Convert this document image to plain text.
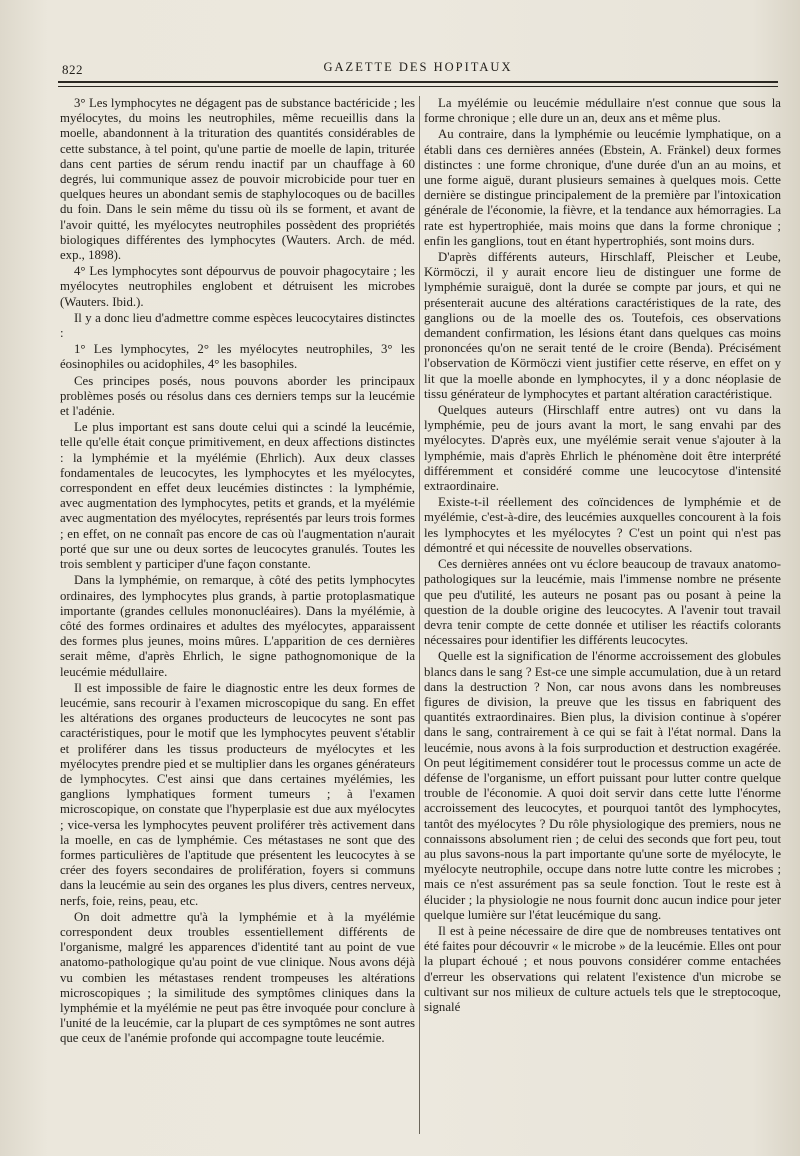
822	GAZETTE DES HOPITAUX

3° Les lymphocytes ne dégagent pas de substance bactéricide ; les myélocytes, du moins les neutrophiles, même recueillis dans la moelle, abandonnent à la trituration des quantités considérables de cette substance, à tel point, qu'une partie de moelle de lapin, triturée dans cent parties de sérum rendu inactif par un chauffage à 60 degrés, lui communique assez de pouvoir microbicide pour tuer en quelques heures un abondant semis de staphylocoques ou de bacilles du foin. Dans le sein même du tissu où ils se forment, et avant de l'avoir quitté, les myélocytes neutrophiles possèdent des propriétés biologiques différentes des lymphocytes (Wauters. Arch. de méd. exp., 1898).

4° Les lymphocytes sont dépourvus de pouvoir phagocytaire ; les myélocytes neutrophiles englobent et détruisent les microbes (Wauters. Ibid.).

Il y a donc lieu d'admettre comme espèces leucocytaires distinctes :

1° Les lymphocytes, 2° les myélocytes neutrophiles, 3° les éosinophiles ou acidophiles, 4° les basophiles.

Ces principes posés, nous pouvons aborder les principaux problèmes posés ou résolus dans ces derniers temps sur la leucémie et l'adénie.

Le plus important est sans doute celui qui a scindé la leucémie, telle qu'elle était conçue primitivement, en deux affections distinctes : la lymphémie et la myélémie (Ehrlich). Aux deux classes fondamentales de leucocytes, les lymphocytes et les myélocytes, correspondent en effet deux leucémies distinctes : la lymphémie, avec augmentation des lymphocytes, petits et grands, et la myélémie avec augmentation des myélocytes, représentés par leurs trois formes ; en effet, on ne connaît pas encore de cas où l'augmentation n'aurait porté que sur une ou deux sortes de leucocytes granulés. Toutes les trois semblent y participer d'une façon constante.

Dans la lymphémie, on remarque, à côté des petits lymphocytes ordinaires, des lymphocytes plus grands, à partie protoplasmatique importante (grandes cellules mononucléaires). Dans la myélémie, à côté des formes ordinaires et adultes des myélocytes, apparaissent des formes plus jeunes, moins mûres. L'apparition de ces dernières serait même, d'après Ehrlich, le signe pathognomonique de la leucémie médullaire.

Il est impossible de faire le diagnostic entre les deux formes de leucémie, sans recourir à l'examen microscopique du sang. En effet les altérations des organes producteurs de leucocytes ne sont pas caractéristiques, pour le motif que les lymphocytes peuvent s'établir et proliférer dans les tissus producteurs de myélocytes et les myélocytes prendre pied et se multiplier dans les organes générateurs de lymphocytes. C'est ainsi que dans certaines myélémies, les ganglions lymphatiques forment tumeurs ; à l'examen microscopique, on constate que l'hyperplasie est due aux myélocytes ; vice-versa les lymphocytes peuvent proliférer très activement dans la moelle, en cas de lymphémie. Ces métastases ne sont que des formes particulières de l'aptitude que présentent les leucocytes à se créer des foyers secondaires de prolifération, foyers si communs dans la leucémie au sein des organes les plus divers, centres nerveux, nerfs, foie, reins, peau, etc.

On doit admettre qu'à la lymphémie et à la myélémie correspondent deux troubles essentiellement différents de l'organisme, malgré les apparences d'identité tant au point de vue anatomo-pathologique qu'au point de vue clinique. Nous avons déjà vu combien les métastases rendent trompeuses les altérations microscopiques ; la similitude des symptômes cliniques dans la lymphémie et la myélémie ne peut pas être invoquée pour conclure à l'unité de la leucémie, car la plupart de ces symptômes ne sont autres que ceux de l'anémie profonde qui accompagne toute leucémie.

La myélémie ou leucémie médullaire n'est connue que sous la forme chronique ; elle dure un an, deux ans et même plus.

Au contraire, dans la lymphémie ou leucémie lymphatique, on a établi dans ces dernières années (Ebstein, A. Fränkel) deux formes distinctes : une forme chronique, d'une durée d'un an au moins, et une forme aiguë, durant plusieurs semaines à quelques mois. Cette dernière se distingue principalement de la première par l'intoxication générale de l'économie, la fièvre, et la tendance aux hémorragies. La rate est hypertrophiée, mais moins que dans la forme chronique ; enfin les ganglions, tout en étant hypertrophiés, sont moins durs.

D'après différents auteurs, Hirschlaff, Pleischer et Leube, Körmöczi, il y aurait encore lieu de distinguer une forme de lymphémie suraiguë, dont la durée se compte par jours, et qui ne présenterait aucune des altérations caractéristiques de la rate, des ganglions ou de la moelle des os. Toutefois, ces observations demandent confirmation, les lésions étant dans quelques cas moins prononcées qu'on ne serait tenté de le croire (Benda). Précisément l'observation de Körmöczi vient justifier cette réserve, en effet on y lit que la moelle abonde en lymphocytes, il y a donc néoplasie de tissu générateur de lymphocytes et partant altération caractéristique.

Quelques auteurs (Hirschlaff entre autres) ont vu dans la lymphémie, peu de jours avant la mort, le sang envahi par des myélocytes. D'après eux, une myélémie serait venue s'ajouter à la lymphémie, mais d'après Ehrlich le phénomène doit être interprété différemment et considéré comme une leucocytose d'intensité extraordinaire.

Existe-t-il réellement des coïncidences de lymphémie et de myélémie, c'est-à-dire, des leucémies auxquelles concourent à la fois les lymphocytes et les myélocytes ? C'est un point qui n'est pas démontré et qui nécessite de nouvelles observations.

Ces dernières années ont vu éclore beaucoup de travaux anatomo-pathologiques sur la leucémie, mais l'immense nombre ne présente que peu d'utilité, les auteurs ne posant pas ou posant à peine la question de la double origine des leucocytes. A l'avenir tout travail devra tenir compte de cette donnée et utiliser les réactifs colorants nécessaires pour identifier les différents leucocytes.

Quelle est la signification de l'énorme accroissement des globules blancs dans le sang ? Est-ce une simple accumulation, due à un retard dans la destruction ? Non, car nous avons dans les nombreuses figures de division, la preuve que les tissus en fabriquent des quantités extraordinaires. Bien plus, la division continue à s'opérer dans le sang, contrairement à ce qui se fait à l'état normal. Dans la leucémie, nous avons à la fois surproduction et destruction exagérée. On peut légitimement considérer tout le processus comme un acte de défense de l'organisme, un effort puissant pour lutter contre quelque trouble de l'économie. A quoi doit servir dans cette lutte l'énorme accroissement des leucocytes, et pourquoi tantôt des lymphocytes, tantôt des myélocytes ? Du rôle physiologique des premiers, nous ne connaissons absolument rien ; de celui des seconds que fort peu, tout au plus savons-nous la part importante qu'une sorte de myélocyte, le myélocyte neutrophile, occupe dans notre lutte contre les microbes ; mais ce n'est assurément pas sa seule fonction. Tout le reste est à élucider ; la physiologie ne nous fournit donc aucun indice pour jeter quelque lumière sur l'état leucémique du sang.

Il est à peine nécessaire de dire que de nombreuses tentatives ont été faites pour découvrir « le microbe » de la leucémie. Elles ont pour la plupart échoué ; et nous pouvons considérer comme entachées d'erreur les observations qui relatent l'existence d'un microbe se cultivant sur nos milieux de culture actuels tels que le streptocoque, signalé
